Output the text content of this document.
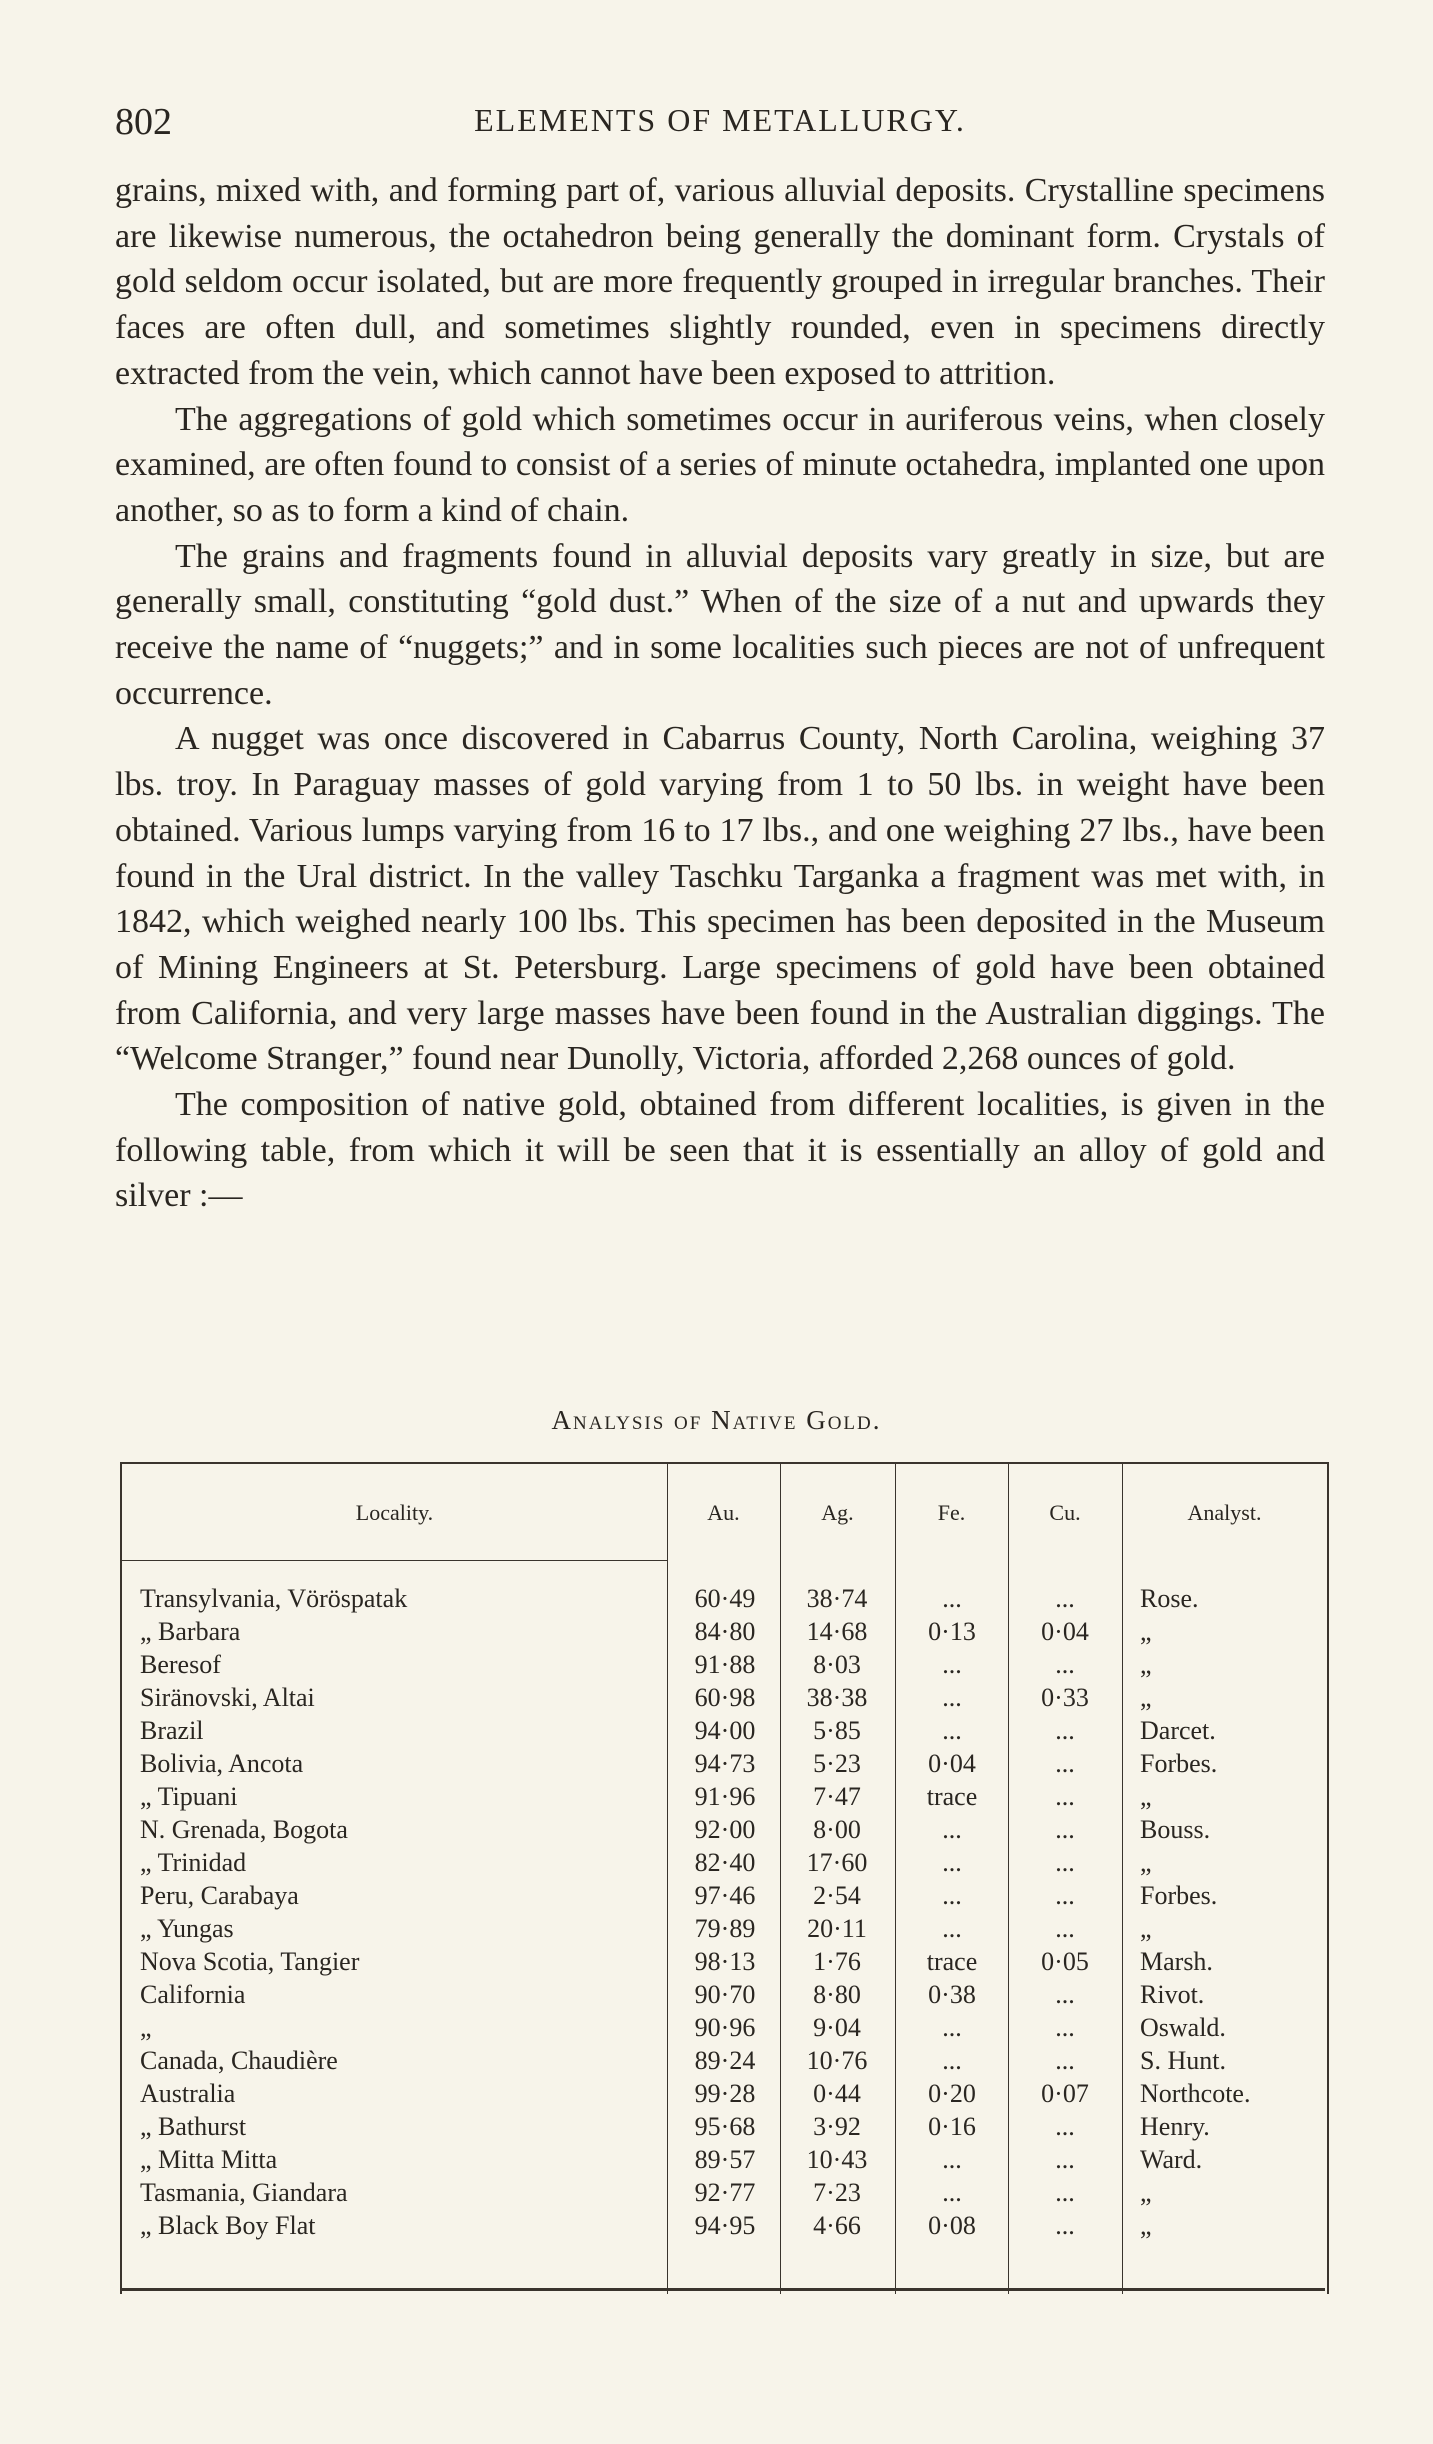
802	ELEMENTS OF METALLURGY.

grains, mixed with, and forming part of, various alluvial deposits. Crystalline specimens are likewise numerous, the octahedron being generally the dominant form. Crystals of gold seldom occur isolated, but are more frequently grouped in irregular branches. Their faces are often dull, and sometimes slightly rounded, even in specimens directly extracted from the vein, which cannot have been exposed to attrition.

The aggregations of gold which sometimes occur in auriferous veins, when closely examined, are often found to consist of a series of minute octahedra, implanted one upon another, so as to form a kind of chain.

The grains and fragments found in alluvial deposits vary greatly in size, but are generally small, constituting “gold dust.” When of the size of a nut and upwards they receive the name of “nuggets;” and in some localities such pieces are not of unfrequent occurrence.

A nugget was once discovered in Cabarrus County, North Carolina, weighing 37 lbs. troy. In Paraguay masses of gold varying from 1 to 50 lbs. in weight have been obtained. Various lumps varying from 16 to 17 lbs., and one weighing 27 lbs., have been found in the Ural district. In the valley Taschku Targanka a fragment was met with, in 1842, which weighed nearly 100 lbs. This specimen has been deposited in the Museum of Mining Engineers at St. Petersburg. Large specimens of gold have been obtained from California, and very large masses have been found in the Australian diggings. The “Welcome Stranger,” found near Dunolly, Victoria, afforded 2,268 ounces of gold.

The composition of native gold, obtained from different localities, is given in the following table, from which it will be seen that it is essentially an alloy of gold and silver :—

Analysis of Native Gold.
Locality.	Au.	Ag.	Fe.	Cu.	Analyst.
Transylvania, Vöröspatak	60·49	38·74	...	...	Rose.
„ Barbara	84·80	14·68	0·13	0·04	„
Beresof	91·88	8·03	...	...	„
Siränovski, Altai	60·98	38·38	...	0·33	„
Brazil	94·00	5·85	...	...	Darcet.
Bolivia, Ancota	94·73	5·23	0·04	...	Forbes.
„ Tipuani	91·96	7·47	trace	...	„
N. Grenada, Bogota	92·00	8·00	...	...	Bouss.
„ Trinidad	82·40	17·60	...	...	„
Peru, Carabaya	97·46	2·54	...	...	Forbes.
„ Yungas	79·89	20·11	...	...	„
Nova Scotia, Tangier	98·13	1·76	trace	0·05	Marsh.
California	90·70	8·80	0·38	...	Rivot.
„	90·96	9·04	...	...	Oswald.
Canada, Chaudière	89·24	10·76	...	...	S. Hunt.
Australia	99·28	0·44	0·20	0·07	Northcote.
„ Bathurst	95·68	3·92	0·16	...	Henry.
„ Mitta Mitta	89·57	10·43	...	...	Ward.
Tasmania, Giandara	92·77	7·23	...	...	„
„ Black Boy Flat	94·95	4·66	0·08	...	„
